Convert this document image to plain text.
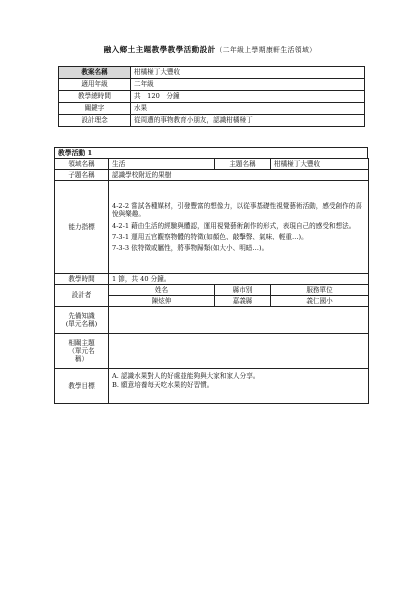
融入鄉土主題教學教學活動設計（二年級上學期康軒生活領域）
教案名稱	柑橘椪丁大豐收
適用年級	二年級
教學總時間	共　120　分鐘
關鍵字	水果
設計理念	從周遭的事物教育小朋友，認識柑橘椪丁
教學活動 1
領域名稱	生活	主題名稱	柑橘椪丁大豐收
子題名稱	認識學校附近的果樹		
能力指標	4-2-2 嘗試各種媒材，引發豐富的想像力，以從事基礎性視覺藝術活動，感受創作的喜悅與樂趣。

4-2-1 藉由生活的經驗與體認，運用視覺藝術創作的形式，表現自己的感受和想法。

7-3-1 運用五官觀察物體的特徵(如顏色、敲擊聲、氣味、輕重…)。

7-3-3 依特徵或屬性，將事物歸類(如大小、明暗…)。		

教學時間	1 節，共 40 分鐘。		
設計者	姓名	縣市別	服務單位
	陳炫伸	嘉義縣	義仁國小
先備知識
(單元名稱)			
相關主題
（單元名
稱）			
教學目標	A. 認識水果對人的好處並能夠與大家和家人分享。

B. 願意培養每天吃水果的好習慣。		
